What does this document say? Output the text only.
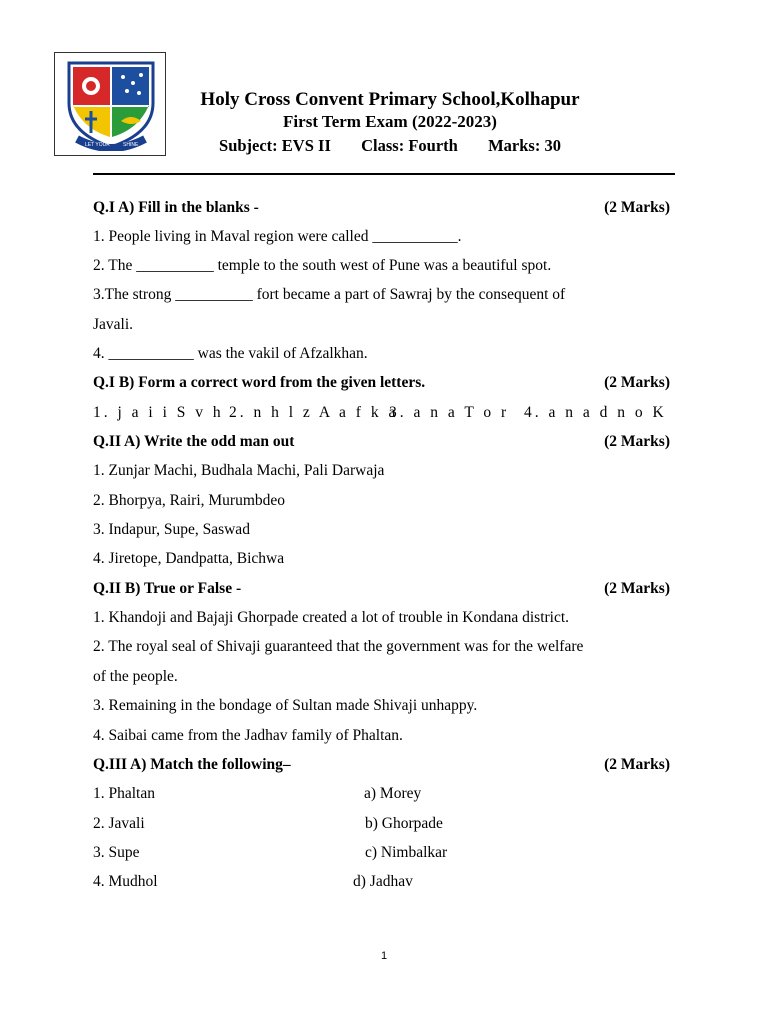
LET YOUR	SHINE
Holy Cross Convent Primary School,Kolhapur
First Term Exam (2022-2023)
Subject: EVS II Class: Fourth Marks: 30
Q.I A) Fill in the blanks -	(2 Marks)
1. People living in Maval region were called ___________.
2. The __________ temple to the south west of Pune was a beautiful spot.
3.The strong __________ fort became a part of Sawraj by the consequent of
Javali.
4. ___________ was the vakil of Afzalkhan.
Q.I B) Form a correct word from the given letters.	(2 Marks)
1. j a i i S v h 2. n h l z A a f k a
3. a n a T o r 4. a n a d n o K
Q.II A) Write the odd man out	(2 Marks)
1. Zunjar Machi, Budhala Machi, Pali Darwaja
2. Bhorpya, Rairi, Murumbdeo
3. Indapur, Supe, Saswad
4. Jiretope, Dandpatta, Bichwa
Q.II B) True or False -	(2 Marks)
1. Khandoji and Bajaji Ghorpade created a lot of trouble in Kondana district.
2. The royal seal of Shivaji guaranteed that the government was for the welfare
of the people.
3. Remaining in the bondage of Sultan made Shivaji unhappy.
4. Saibai came from the Jadhav family of Phaltan.
Q.III A) Match the following–	(2 Marks)
1. Phaltan	a) Morey
2. Javali	b) Ghorpade
3. Supe	c) Nimbalkar
4. Mudhol	d) Jadhav
1
